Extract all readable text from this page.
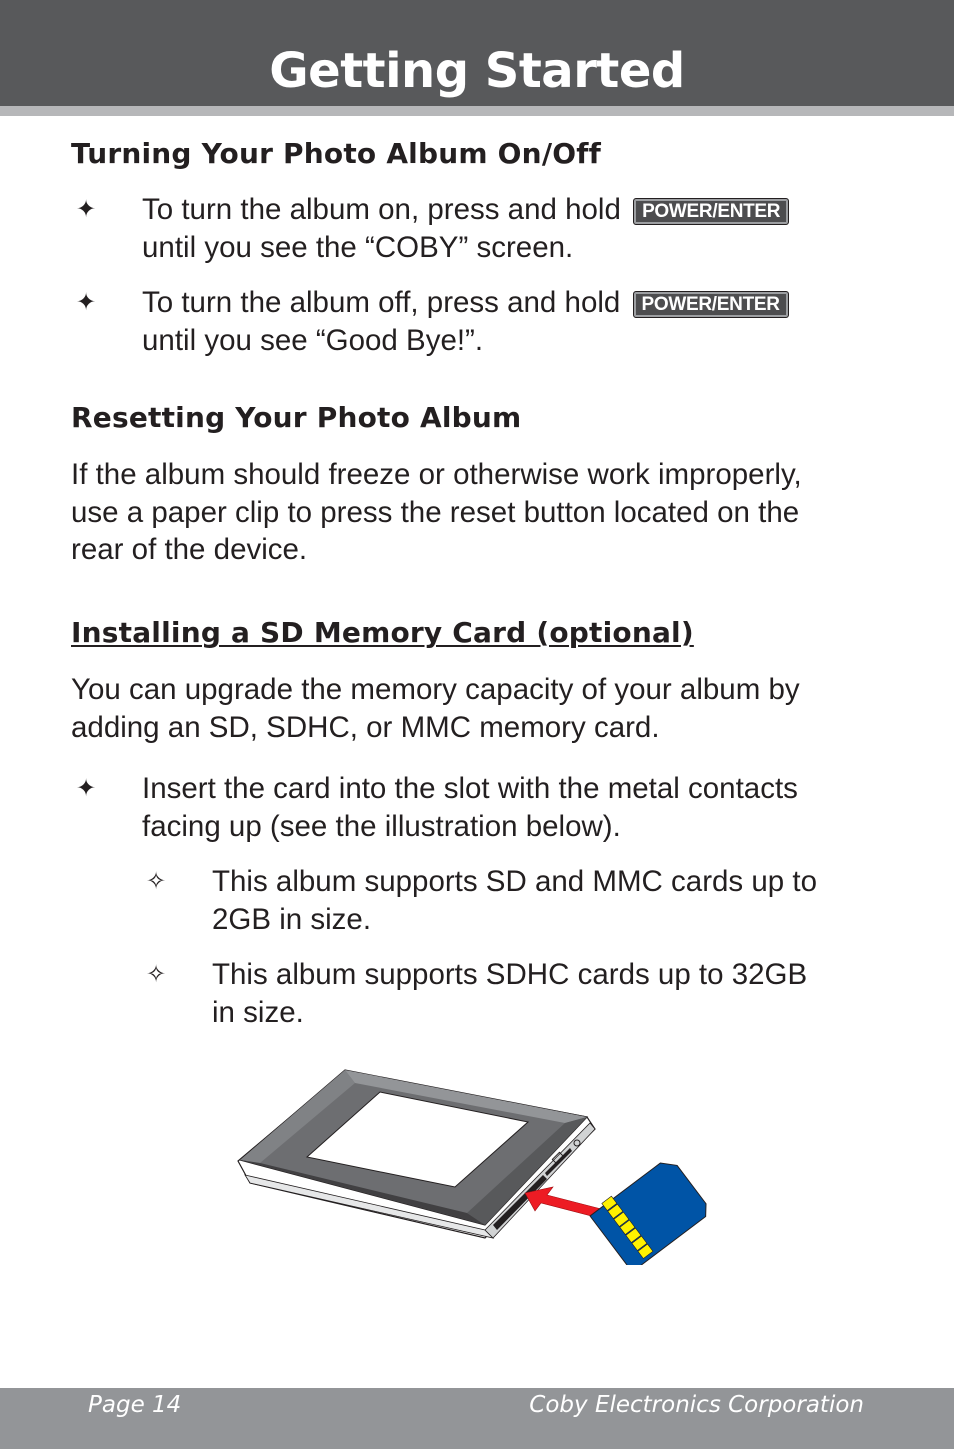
Getting Started
Turning Your Photo Album On/Off
✦ To turn the album on, press and hold POWER/ENTER
until you see the “COBY” screen.

✦ To turn the album off, press and hold POWER/ENTER
until you see “Good Bye!”.

Resetting Your Photo Album

If the album should freeze or otherwise work improperly,
use a paper clip to press the reset button located on the
rear of the device.

Installing a SD Memory Card (optional)

You can upgrade the memory capacity of your album by
adding an SD, SDHC, or MMC memory card.

✦ Insert the card into the slot with the metal contacts
facing up (see the illustration below).

✧ This album supports SD and MMC cards up to
2GB in size.

✧ This album supports SDHC cards up to 32GB
in size.

Page 14	Coby Electronics Corporation
